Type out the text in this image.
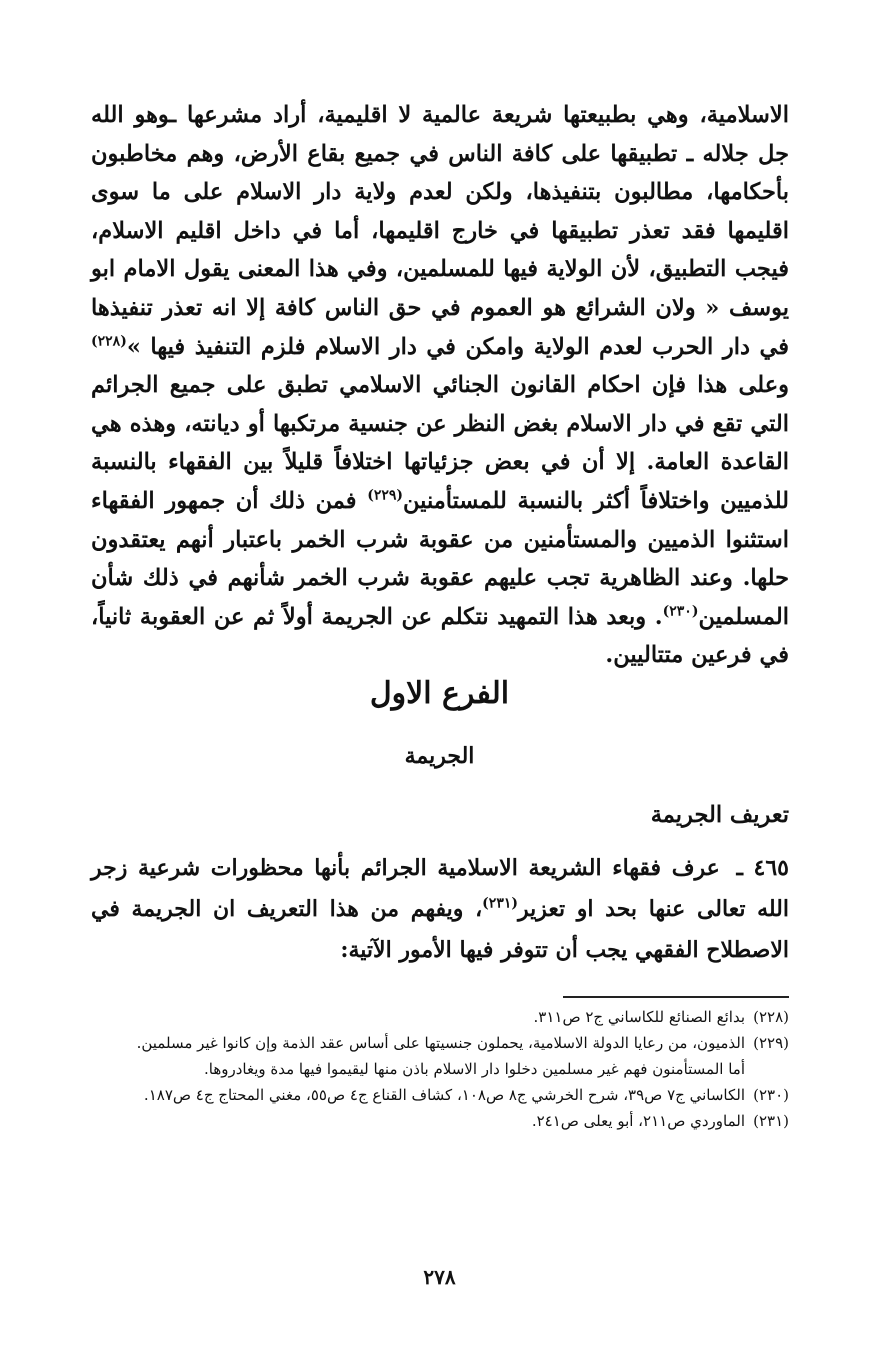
الاسلامية، وهي بطبيعتها شريعة عالمية لا اقليمية، أراد مشرعها ـوهو الله جل جلاله ـ تطبيقها على كافة الناس في جميع بقاع الأرض، وهم مخاطبون بأحكامها، مطالبون بتنفيذها، ولكن لعدم ولاية دار الاسلام على ما سوى اقليمها فقد تعذر تطبيقها في خارج اقليمها، أما في داخل اقليم الاسلام، فيجب التطبيق، لأن الولاية فيها للمسلمين، وفي هذا المعنى يقول الامام ابو يوسف « ولان الشرائع هو العموم في حق الناس كافة إلا انه تعذر تنفيذها في دار الحرب لعدم الولاية وامكن في دار الاسلام فلزم التنفيذ فيها »$^{(٢٢٨)}$ وعلى هذا فإن احكام القانون الجنائي الاسلامي تطبق على جميع الجرائم التي تقع في دار الاسلام بغض النظر عن جنسية مرتكبها أو ديانته، وهذه هي القاعدة العامة. إلا أن في بعض جزئياتها اختلافاً قليلاً بين الفقهاء بالنسبة للذميين واختلافاً أكثر بالنسبة للمستأمنين$^{(٢٢٩)}$ فمن ذلك أن جمهور الفقهاء استثنوا الذميين والمستأمنين من عقوبة شرب الخمر باعتبار أنهم يعتقدون حلها. وعند الظاهرية تجب عليهم عقوبة شرب الخمر شأنهم في ذلك شأن المسلمين$^{(٢٣٠)}$. وبعد هذا التمهيد نتكلم عن الجريمة أولاً ثم عن العقوبة ثانياً، في فرعين متتاليين.
الفرع الاول
الجريمة
تعريف الجريمة
٤٦٥ ـ عرف فقهاء الشريعة الاسلامية الجرائم بأنها محظورات شرعية زجر الله تعالى عنها بحد او تعزير$^{(٢٣١)}$، ويفهم من هذا التعريف ان الجريمة في الاصطلاح الفقهي يجب أن تتوفر فيها الأمور الآتية:
(٢٢٨)
بدائع الصنائع للكاساني ج٢ ص٣١١.
(٢٢٩)
الذميون، من رعايا الدولة الاسلامية، يحملون جنسيتها على أساس عقد الذمة وإن كانوا غير مسلمين.
أما المستأمنون فهم غير مسلمين دخلوا دار الاسلام باذن منها ليقيموا فيها مدة ويغادروها.
(٢٣٠)
الكاساني ج٧ ص٣٩، شرح الخرشي ج٨ ص١٠٨، كشاف القناع ج٤ ص٥٥، مغني المحتاج ج٤ ص١٨٧.
(٢٣١)
الماوردي ص٢١١، أبو يعلى ص٢٤١.
٢٧٨
